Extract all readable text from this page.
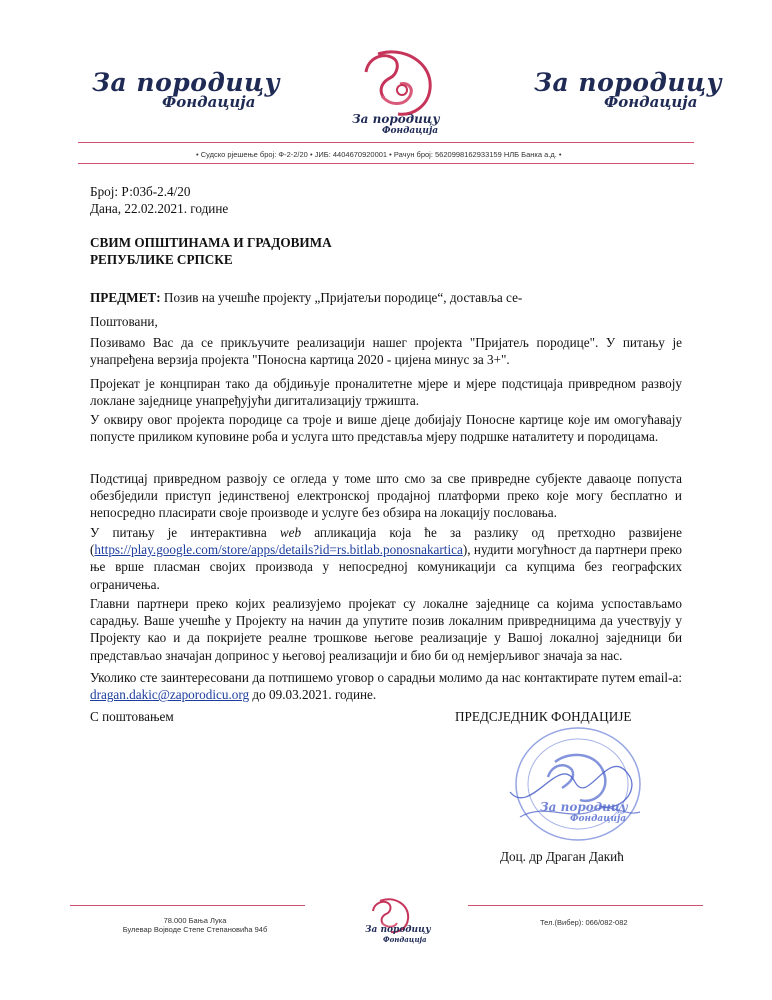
За породицу
Фондација
За породицу
Фондација
За породицу
Фондација
• Судско рјешење број: Ф-2-2/20 • ЈИБ: 4404670920001 • Рачун број: 5620998162933159 НЛБ Банка а.д. •
Број: Р:03б-2.4/20
Дана, 22.02.2021. године
СВИМ ОПШТИНАМА И ГРАДОВИМА
РЕПУБЛИКЕ СРПСКЕ
ПРЕДМЕТ: Позив на учешће пројекту „Пријатељи породице“, доставља се-
Поштовани,
Позивамо Вас да се прикључите реализацији нашег пројекта "Пријатељ породице". У питању је унапређена верзија пројекта "Поносна картица 2020 - цијена минус за 3+".
Пројекат је концпиран тако да објдињује проналитетне мјере и мјере подстицаја привредном развоју локлане заједнице унапређујући дигитализацију тржишта.
У оквиру овог пројекта породице са троје и више дјеце добијају Поносне картице које им омогућавају попусте приликом куповине роба и услуга што представља мјеру подршке наталитету и породицама.
Подстицај привредном развоју се огледа у томе што смо за све привредне субјекте даваоце попуста обезбједили приступ јединственој електронској продајној платформи преко које могу бесплатно и непосредно пласирати своје производе и услуге без обзира на локацију пословања.
У питању је интерактивна web апликација која ће за разлику од претходно развијене (https://play.google.com/store/apps/details?id=rs.bitlab.ponosnakartica), нудити могућност да партнери преко ње врше пласман својих производа у непосредној комуникацији са купцима без географских ограничења.
Главни партнери преко којих реализујемо пројекат су локалне заједнице са којима успостављамо сарадњу. Ваше учешће у Пројекту на начин да упутите позив локалним привредницима да учествују у Пројекту као и да покријете реалне трошкове његове реализације у Вашој локалној заједници би представљао значајан допринос у његовој реализацији и био би од немјерљивог значаја за нас.
Уколико сте заинтересовани да потпишемо уговор о сарадњи молимо да нас контактирате путем email-a: dragan.dakic@zaporodicu.org до 09.03.2021. године.
С поштовањем	ПРЕДСЈЕДНИК ФОНДАЦИЈЕ
За породицу
Фондација
Доц. др Драган Дакић
78.000 Бања Лука
Булевар Војводе Степе Степановића 94б	За породицу
Фондација
Тел.(Вибер): 066/082-082
